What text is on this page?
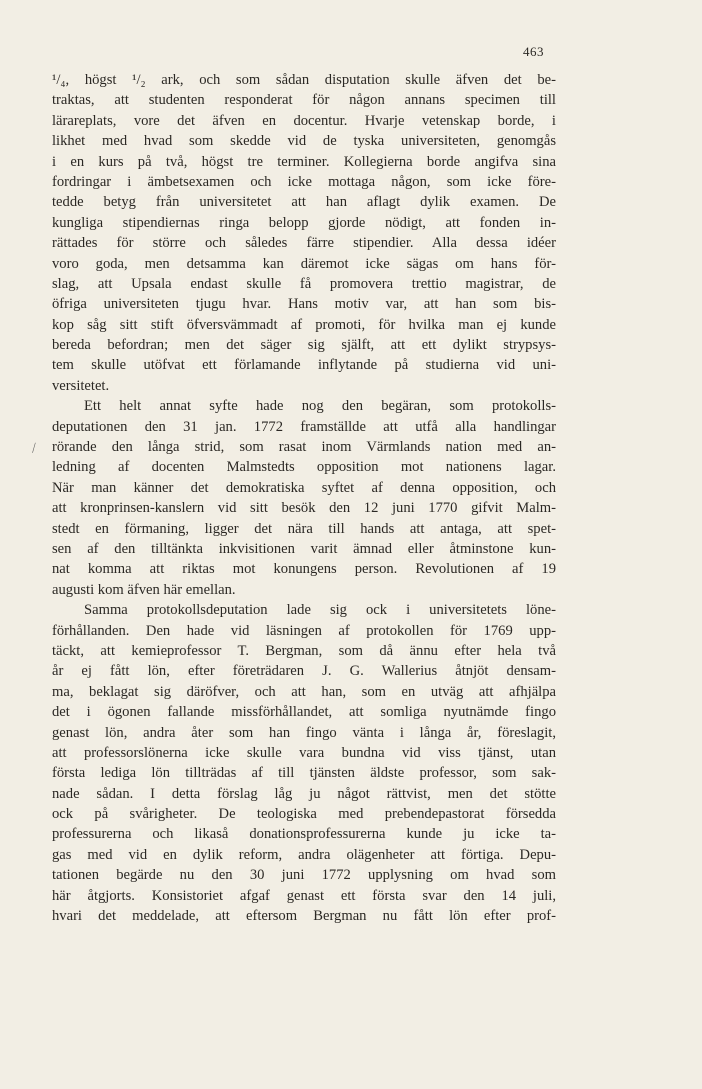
463
⁄
¹/₄, högst ¹/₂ ark, och som sådan disputation skulle äfven det be-
traktas, att studenten responderat för någon annans specimen till
lärareplats, vore det äfven en docentur. Hvarje vetenskap borde, i
likhet med hvad som skedde vid de tyska universiteten, genomgås
i en kurs på två, högst tre terminer. Kollegierna borde angifva sina
fordringar i ämbetsexamen och icke mottaga någon, som icke före-
tedde betyg från universitetet att han aflagt dylik examen. De
kungliga stipendiernas ringa belopp gjorde nödigt, att fonden in-
rättades för större och således färre stipendier. Alla dessa idéer
voro goda, men detsamma kan däremot icke sägas om hans för-
slag, att Upsala endast skulle få promovera trettio magistrar, de
öfriga universiteten tjugu hvar. Hans motiv var, att han som bis-
kop såg sitt stift öfversvämmadt af promoti, för hvilka man ej kunde
bereda befordran; men det säger sig själft, att ett dylikt strypsys-
tem skulle utöfvat ett förlamande inflytande på studierna vid uni-
versitetet.
Ett helt annat syfte hade nog den begäran, som protokolls-
deputationen den 31 jan. 1772 framställde att utfå alla handlingar
rörande den långa strid, som rasat inom Värmlands nation med an-
ledning af docenten Malmstedts opposition mot nationens lagar.
När man känner det demokratiska syftet af denna opposition, och
att kronprinsen-kanslern vid sitt besök den 12 juni 1770 gifvit Malm-
stedt en förmaning, ligger det nära till hands att antaga, att spet-
sen af den tilltänkta inkvisitionen varit ämnad eller åtminstone kun-
nat komma att riktas mot konungens person. Revolutionen af 19
augusti kom äfven här emellan.
Samma protokollsdeputation lade sig ock i universitetets löne-
förhållanden. Den hade vid läsningen af protokollen för 1769 upp-
täckt, att kemieprofessor T. Bergman, som då ännu efter hela två
år ej fått lön, efter företrädaren J. G. Wallerius åtnjöt densam-
ma, beklagat sig däröfver, och att han, som en utväg att afhjälpa
det i ögonen fallande missförhållandet, att somliga nyutnämde fingo
genast lön, andra åter som han fingo vänta i långa år, föreslagit,
att professorslönerna icke skulle vara bundna vid viss tjänst, utan
första lediga lön tillträdas af till tjänsten äldste professor, som sak-
nade sådan. I detta förslag låg ju något rättvist, men det stötte
ock på svårigheter. De teologiska med prebendepastorat försedda
professurerna och likaså donationsprofessurerna kunde ju icke ta-
gas med vid en dylik reform, andra olägenheter att förtiga. Depu-
tationen begärde nu den 30 juni 1772 upplysning om hvad som
här åtgjorts. Konsistoriet afgaf genast ett första svar den 14 juli,
hvari det meddelade, att eftersom Bergman nu fått lön efter prof-
